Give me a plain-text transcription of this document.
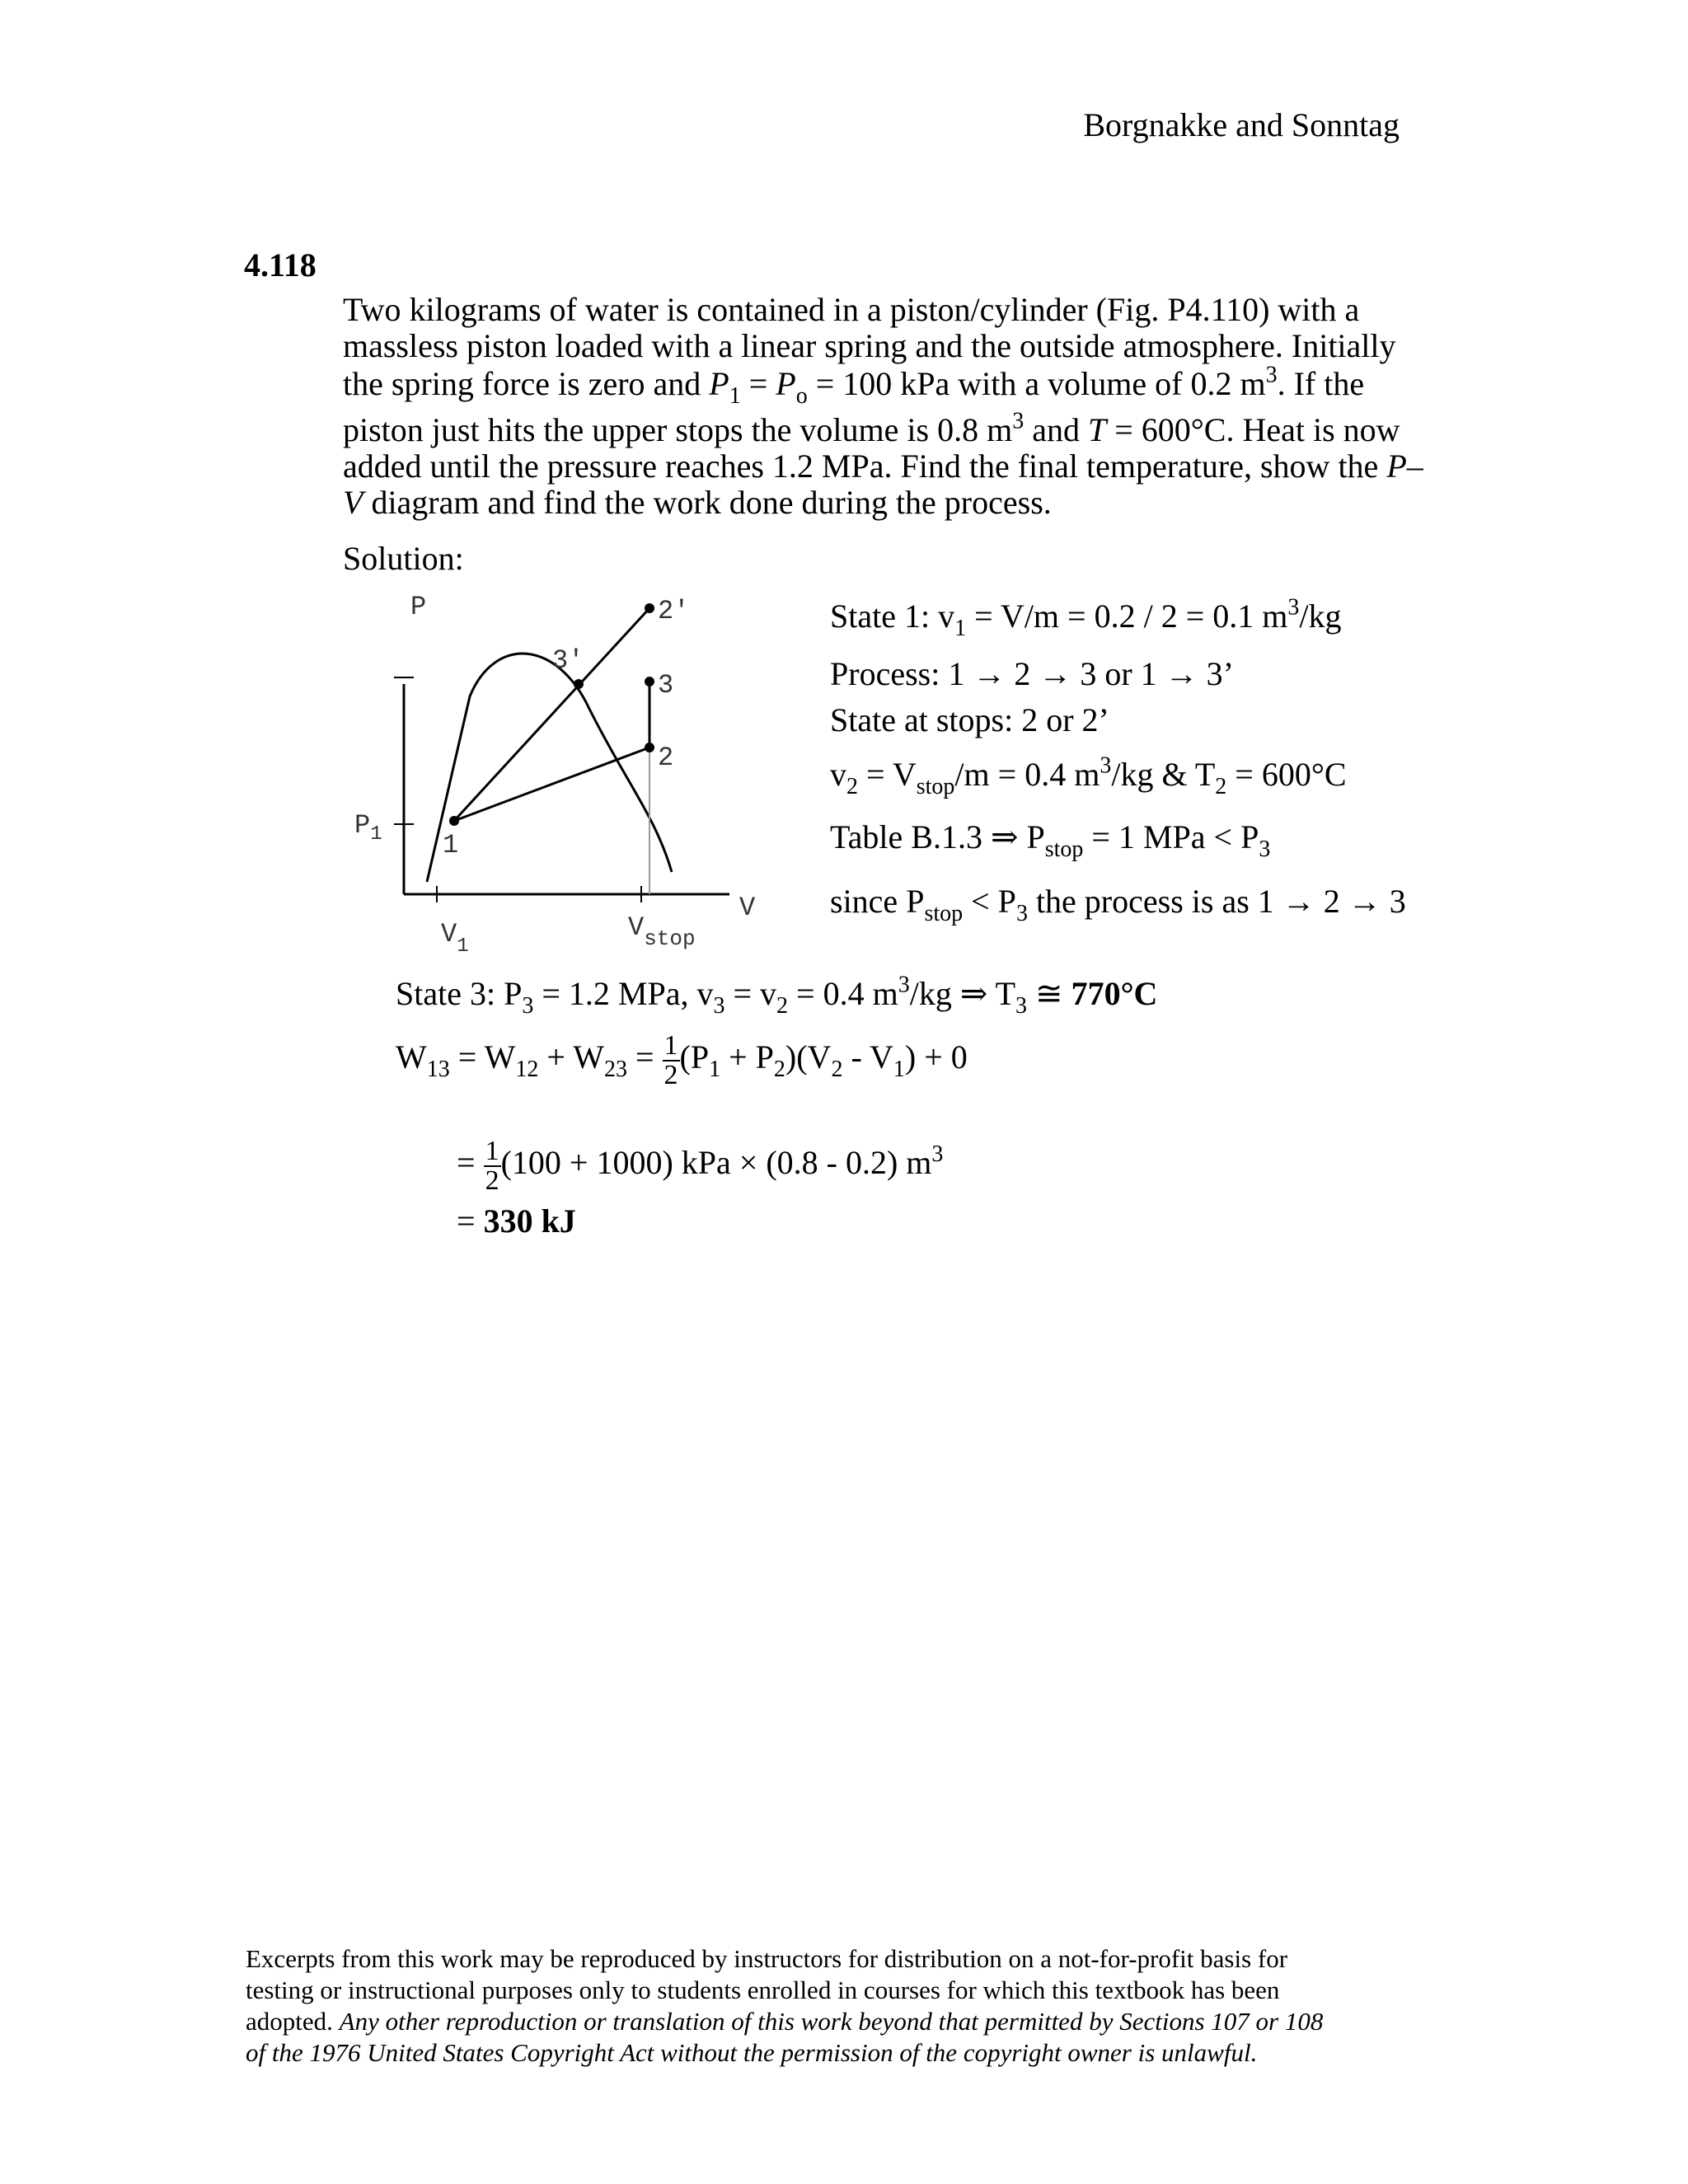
Borgnakke and Sonntag
4.118
Two kilograms of water is contained in a piston/cylinder (Fig. P4.110) with a
massless piston loaded with a linear spring and the outside atmosphere. Initially
the spring force is zero and $P_1 = P_o = 100$ kPa with a volume of 0.2 $m^3$. If the
piston just hits the upper stops the volume is 0.8 $m^3$ and T = 600°C. Heat is now
added until the pressure reaches 1.2 MPa. Find the final temperature, show the P–
V diagram and find the work done during the process.
Solution:
P
V
$P_1$
$V_1$
$V_{stop}$
1
2
3
2′
3′
State 1: $v_1 = V/m = 0.2 / 2 = 0.1$ $m^3/kg$
Process: 1 → 2 → 3 or 1 → 3’
State at stops: 2 or 2’
$v_2 = V_{stop}/m = 0.4$ $m^3/kg$ & $T_2 = 600^\circ C$
Table B.1.3 ⇒ $P_{stop} = 1$ MPa < $P_3$
since $P_{stop} < P_3$ the process is as 1 → 2 → 3
State 3: $P_3 = 1.2$ MPa, $v_3 = v_2 = 0.4$ $m^3/kg$ ⇒ $T_3$ ≅ 770°C
$W_{13} = W_{12} + W_{23} = \frac{1}{2} (P_1 + P_2)(V_2 - V_1) + 0$
= $\frac{1}{2} (100 + 1000)$ kPa × (0.8 - 0.2) $m^3$
= 330 kJ
Excerpts from this work may be reproduced by instructors for distribution on a not-for-profit basis for
testing or instructional purposes only to students enrolled in courses for which this textbook has been
adopted. Any other reproduction or translation of this work beyond that permitted by Sections 107 or 108
of the 1976 United States Copyright Act without the permission of the copyright owner is unlawful.
